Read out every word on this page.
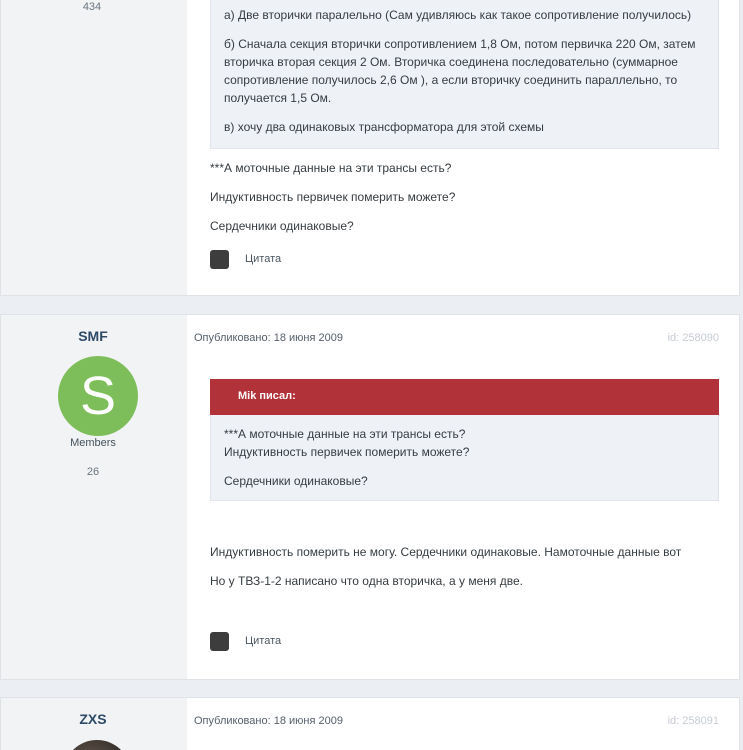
434
а) Две вторички паралельно (Сам удивляюсь как такое сопротивление получилось)
б) Сначала секция вторички сопротивлением 1,8 Ом, потом первичка 220 Ом, затем
вторичка вторая секция 2 Ом. Вторичка соединена последовательно (суммарное
сопротивление получилось 2,6 Ом ), а если вторичку соединить параллельно, то
получается 1,5 Ом.
в) хочу два одинаковых трансформатора для этой схемы
***А моточные данные на эти трансы есть?
Индуктивность первичек померить можете?
Сердечники одинаковые?
Цитата
SMF
S
Members
26
Опубликовано: 18 июня 2009	id: 258090
Mik писал:
***А моточные данные на эти трансы есть?
Индуктивность первичек померить можете?
Сердечники одинаковые?
Индуктивность померить не могу. Сердечники одинаковые. Намоточные данные вот
Но у ТВЗ-1-2 написано что одна вторичка, а у меня две.
Цитата
ZXS	Опубликовано: 18 июня 2009	id: 258091
